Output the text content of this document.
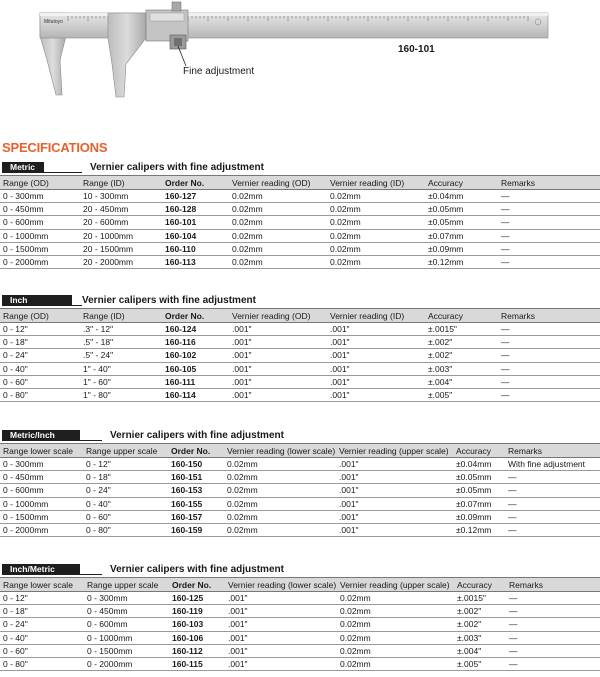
Mitutoyo
160-101
Fine adjustment
SPECIFICATIONS
Metric	Vernier calipers with fine adjustment
Range (OD)	Range (ID)	Order No.	Vernier reading (OD)	Vernier reading (ID)	Accuracy	Remarks
0 - 300mm	10 - 300mm	160-127	0.02mm	0.02mm	±0.04mm	—
0 - 450mm	20 - 450mm	160-128	0.02mm	0.02mm	±0.05mm	—
0 - 600mm	20 - 600mm	160-101	0.02mm	0.02mm	±0.05mm	—
0 - 1000mm	20 - 1000mm	160-104	0.02mm	0.02mm	±0.07mm	—
0 - 1500mm	20 - 1500mm	160-110	0.02mm	0.02mm	±0.09mm	—
0 - 2000mm	20 - 2000mm	160-113	0.02mm	0.02mm	±0.12mm	—
Inch	Vernier calipers with fine adjustment
Range (OD)	Range (ID)	Order No.	Vernier reading (OD)	Vernier reading (ID)	Accuracy	Remarks
0 - 12"	.3" - 12"	160-124	.001"	.001"	±.0015"	—
0 - 18"	.5" - 18"	160-116	.001"	.001"	±.002"	—
0 - 24"	.5" - 24"	160-102	.001"	.001"	±.002"	—
0 - 40"	1" - 40"	160-105	.001"	.001"	±.003"	—
0 - 60"	1" - 60"	160-111	.001"	.001"	±.004"	—
0 - 80"	1" - 80"	160-114	.001"	.001"	±.005"	—
Metric/Inch	Vernier calipers with fine adjustment
Range lower scale	Range upper scale	Order No.	Vernier reading (lower scale)	Vernier reading (upper scale)	Accuracy	Remarks
0 - 300mm	0 - 12"	160-150	0.02mm	.001"	±0.04mm	With fine adjustment
0 - 450mm	0 - 18"	160-151	0.02mm	.001"	±0.05mm	—
0 - 600mm	0 - 24"	160-153	0.02mm	.001"	±0.05mm	—
0 - 1000mm	0 - 40"	160-155	0.02mm	.001"	±0.07mm	—
0 - 1500mm	0 - 60"	160-157	0.02mm	.001"	±0.09mm	—
0 - 2000mm	0 - 80"	160-159	0.02mm	.001"	±0.12mm	—
Inch/Metric	Vernier calipers with fine adjustment
Range lower scale	Range upper scale	Order No.	Vernier reading (lower scale)	Vernier reading (upper scale)	Accuracy	Remarks
0 - 12"	0 - 300mm	160-125	.001"	0.02mm	±.0015"	—
0 - 18"	0 - 450mm	160-119	.001"	0.02mm	±.002"	—
0 - 24"	0 - 600mm	160-103	.001"	0.02mm	±.002"	—
0 - 40"	0 - 1000mm	160-106	.001"	0.02mm	±.003"	—
0 - 60"	0 - 1500mm	160-112	.001"	0.02mm	±.004"	—
0 - 80"	0 - 2000mm	160-115	.001"	0.02mm	±.005"	—
